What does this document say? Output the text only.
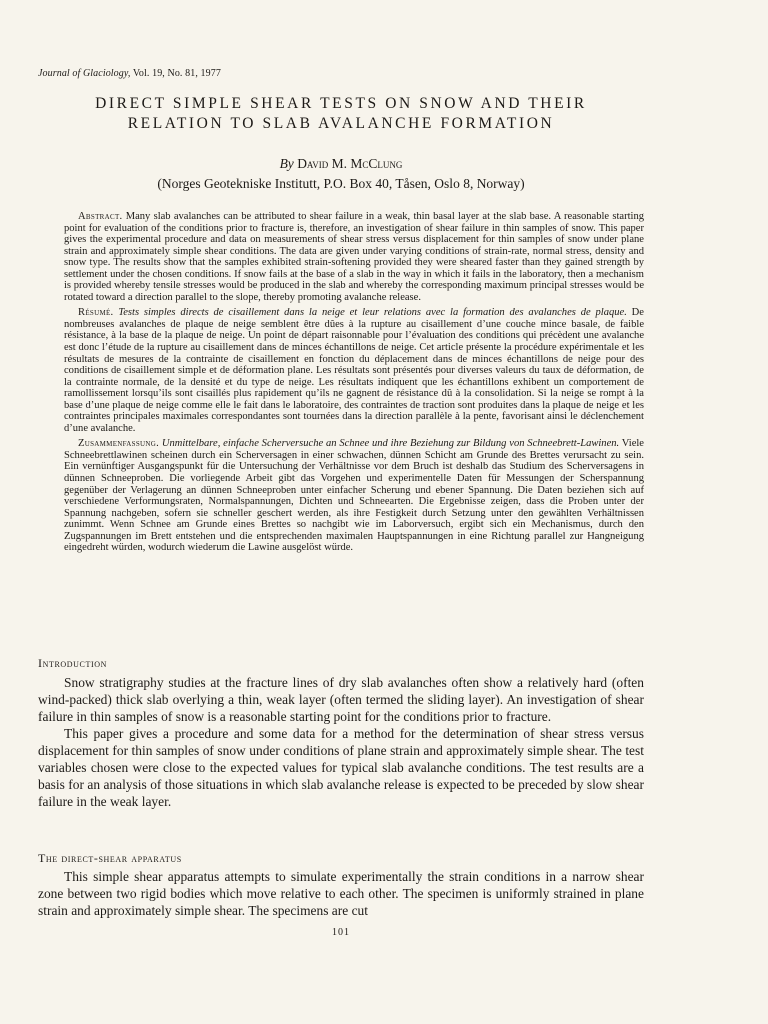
Journal of Glaciology, Vol. 19, No. 81, 1977
DIRECT SIMPLE SHEAR TESTS ON SNOW AND THEIR
RELATION TO SLAB AVALANCHE FORMATION
By David M. McClung
(Norges Geotekniske Institutt, P.O. Box 40, Tåsen, Oslo 8, Norway)

Abstract. Many slab avalanches can be attributed to shear failure in a weak, thin basal layer at the slab base. A reasonable starting point for evaluation of the conditions prior to fracture is, therefore, an investigation of shear failure in thin samples of snow. This paper gives the experimental procedure and data on measurements of shear stress versus displacement for thin samples of snow under plane strain and approximately simple shear conditions. The data are given under varying conditions of strain-rate, normal stress, density and snow type. The results show that the samples exhibited strain-softening provided they were sheared faster than they gained strength by settlement under the chosen conditions. If snow fails at the base of a slab in the way in which it fails in the laboratory, then a mechanism is provided whereby tensile stresses would be produced in the slab and whereby the corresponding maximum principal stresses would be rotated toward a direction parallel to the slope, thereby promoting avalanche release.

Résumé. Tests simples directs de cisaillement dans la neige et leur relations avec la formation des avalanches de plaque. De nombreuses avalanches de plaque de neige semblent être dûes à la rupture au cisaillement d’une couche mince basale, de faible résistance, à la base de la plaque de neige. Un point de départ raisonnable pour l’évaluation des conditions qui précèdent une avalanche est donc l’étude de la rupture au cisaillement dans de minces échantillons de neige. Cet article présente la procédure expérimentale et les résultats de mesures de la contrainte de cisaillement en fonction du déplacement dans de minces échantillons de neige pour des conditions de cisaillement simple et de déformation plane. Les résultats sont présentés pour diverses valeurs du taux de déformation, de la contrainte normale, de la densité et du type de neige. Les résultats indiquent que les échantillons exhibent un comportement de ramollissement lorsqu’ils sont cisaillés plus rapidement qu’ils ne gagnent de résistance dû à la consolidation. Si la neige se rompt à la base d’une plaque de neige comme elle le fait dans le laboratoire, des contraintes de traction sont produites dans la plaque de neige et les contraintes principales maximales correspondantes sont tournées dans la direction parallèle à la pente, favorisant ainsi le déclenchement d’une avalanche.

Zusammenfassung. Unmittelbare, einfache Scherversuche an Schnee und ihre Beziehung zur Bildung von Schneebrett-Lawinen. Viele Schneebrettlawinen scheinen durch ein Scherversagen in einer schwachen, dünnen Schicht am Grunde des Brettes verursacht zu sein. Ein vernünftiger Ausgangspunkt für die Untersuchung der Verhältnisse vor dem Bruch ist deshalb das Studium des Scherversagens in dünnen Schneeproben. Die vorliegende Arbeit gibt das Vorgehen und experimentelle Daten für Messungen der Scherspannung gegenüber der Verlagerung an dünnen Schneeproben unter einfacher Scherung und ebener Spannung. Die Daten beziehen sich auf verschiedene Verformungsraten, Normalspannungen, Dichten und Schneearten. Die Ergebnisse zeigen, dass die Proben unter der Spannung nachgeben, sofern sie schneller geschert werden, als ihre Festigkeit durch Setzung unter den gewählten Verhältnissen zunimmt. Wenn Schnee am Grunde eines Brettes so nachgibt wie im Laborversuch, ergibt sich ein Mechanismus, durch den Zugspannungen im Brett entstehen und die entsprechenden maximalen Hauptspannungen in eine Richtung parallel zur Hangneigung eingedreht würden, wodurch wiederum die Lawine ausgelöst würde.

Introduction

Snow stratigraphy studies at the fracture lines of dry slab avalanches often show a relatively hard (often wind-packed) thick slab overlying a thin, weak layer (often termed the sliding layer). An investigation of shear failure in thin samples of snow is a reasonable starting point for the conditions prior to fracture.

This paper gives a procedure and some data for a method for the determination of shear stress versus displacement for thin samples of snow under conditions of plane strain and approximately simple shear. The test variables chosen were close to the expected values for typical slab avalanche conditions. The test results are a basis for an analysis of those situations in which slab avalanche release is expected to be preceded by slow shear failure in the weak layer.

The direct-shear apparatus

This simple shear apparatus attempts to simulate experimentally the strain conditions in a narrow shear zone between two rigid bodies which move relative to each other. The specimen is uniformly strained in plane strain and approximately simple shear. The specimens are cut

101
